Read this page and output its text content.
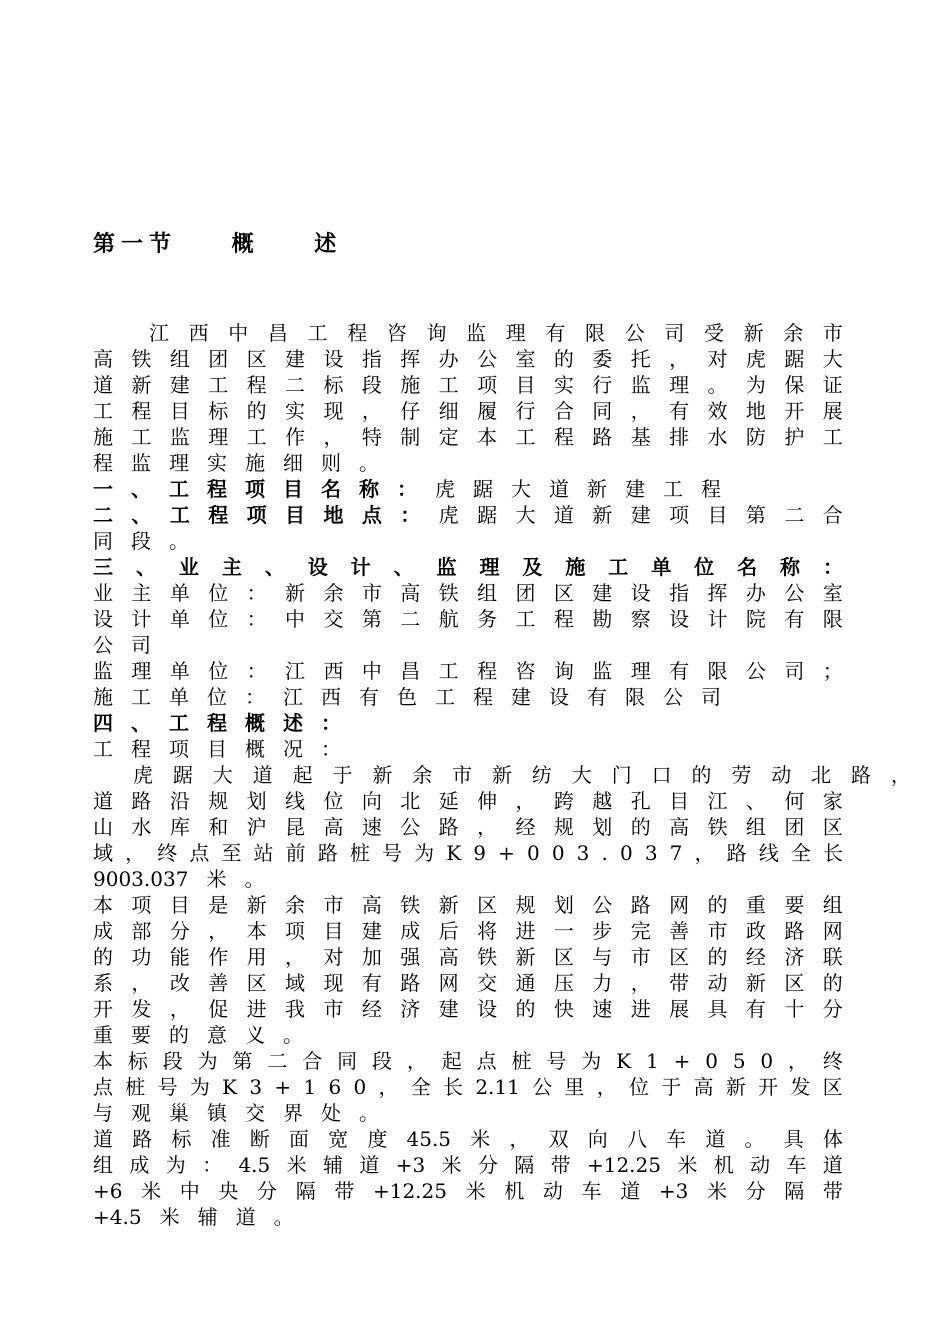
第一节    概    述
江 西 中 昌 工 程 咨 询 监 理 有 限 公 司 受 新 余 市
高 铁 组 团 区 建 设 指 挥 办 公 室 的 委 托 ， 对 虎 踞 大
道 新 建 工 程 二 标 段 施 工 项 目 实 行 监 理 。 为 保 证
工 程 目 标 的 实 现 ， 仔 细 履 行 合 同 ， 有 效 地 开 展
施 工 监 理 工 作 ， 特 制 定 本 工 程 路 基 排 水 防 护 工
程 监 理 实 施 细 则 。
一 、 工 程 项 目 名 称 ： 虎 踞 大 道 新 建 工 程
二 、 工 程 项 目 地 点 ： 虎 踞 大 道 新 建 项 目 第 二 合
同 段 。
三 、 业 主 、 设 计 、 监 理 及 施 工 单 位 名 称 ：
业 主 单 位 ： 新 余 市 高 铁 组 团 区 建 设 指 挥 办 公 室
设 计 单 位 ： 中 交 第 二 航 务 工 程 勘 察 设 计 院 有 限
公 司
监 理 单 位 ： 江 西 中 昌 工 程 咨 询 监 理 有 限 公 司 ；
施 工 单 位 ： 江 西 有 色 工 程 建 设 有 限 公 司
四 、 工 程 概 述 ：
工 程 项 目 概 况 ：
虎 踞 大 道 起 于 新 余 市 新 纺 大 门 口 的 劳 动 北 路 ，
道 路 沿 规 划 线 位 向 北 延 伸 ， 跨 越 孔 目 江 、 何 家
山 水 库 和 沪 昆 高 速 公 路 ， 经 规 划 的 高 铁 组 团 区
域 ， 终 点 至 站 前 路 桩 号 为 K 9 + 0 0 3 . 0 3 7 ， 路 线 全 长
9003.037 米 。
本 项 目 是 新 余 市 高 铁 新 区 规 划 公 路 网 的 重 要 组
成 部 分 ， 本 项 目 建 成 后 将 进 一 步 完 善 市 政 路 网
的 功 能 作 用 ， 对 加 强 高 铁 新 区 与 市 区 的 经 济 联
系 ， 改 善 区 域 现 有 路 网 交 通 压 力 ， 带 动 新 区 的
开 发 ， 促 进 我 市 经 济 建 设 的 快 速 进 展 具 有 十 分
重 要 的 意 义 。
本 标 段 为 第 二 合 同 段 ， 起 点 桩 号 为 K 1 + 0 5 0 ， 终
点 桩 号 为 K 3 + 1 6 0 ， 全 长 2.11 公 里 ， 位 于 高 新 开 发 区
与 观 巢 镇 交 界 处 。
道 路 标 准 断 面 宽 度 45.5 米 ， 双 向 八 车 道 。 具 体
组 成 为 ： 4.5 米 辅 道 +3 米 分 隔 带 +12.25 米 机 动 车 道
+6 米 中 央 分 隔 带 +12.25 米 机 动 车 道 +3 米 分 隔 带
+4.5 米 辅 道 。
